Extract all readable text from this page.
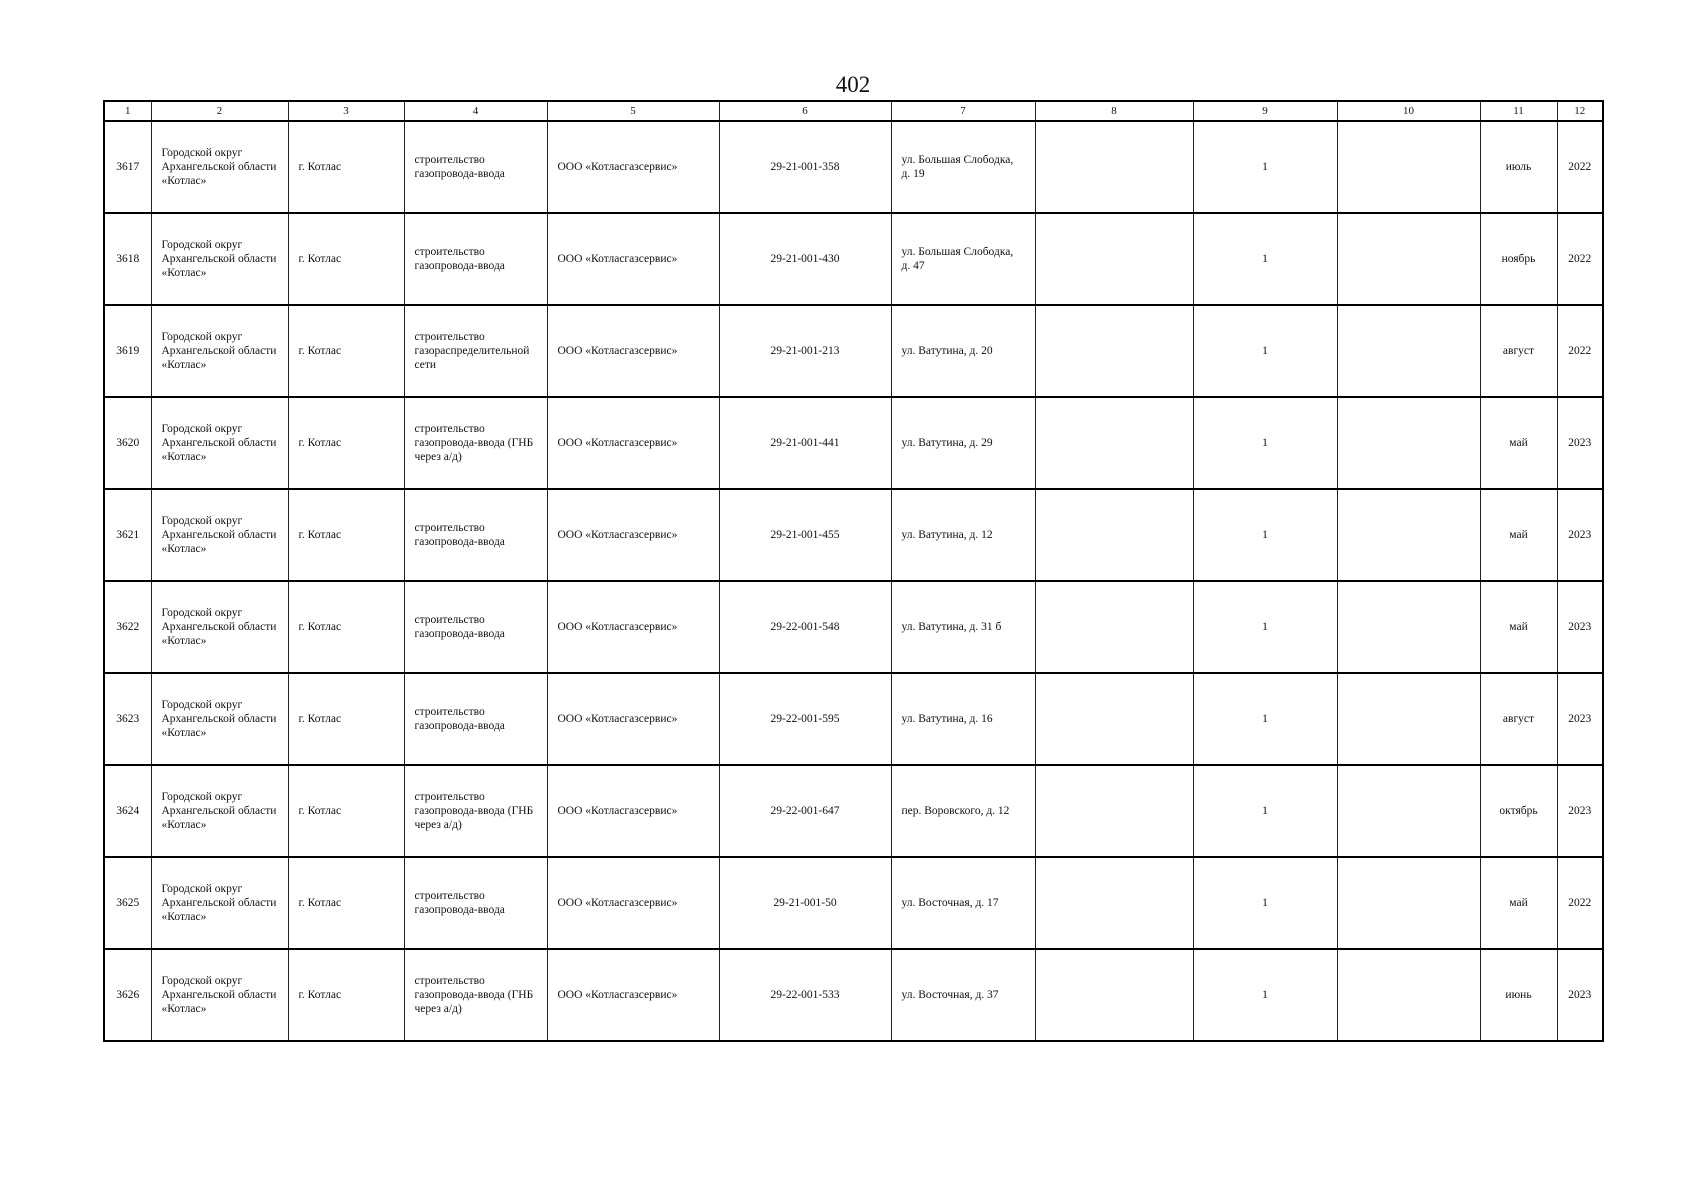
402
1	2	3	4	5	6	7	8	9	10	11	12
3617	Городской округ Архангельской области «Котлас»	г. Котлас	строительство газопровода-ввода	ООО «Котласгазсервис»	29-21-001-358	ул. Большая Слободка, д. 19		1		июль	2022
3618	Городской округ Архангельской области «Котлас»	г. Котлас	строительство газопровода-ввода	ООО «Котласгазсервис»	29-21-001-430	ул. Большая Слободка, д. 47		1		ноябрь	2022
3619	Городской округ Архангельской области «Котлас»	г. Котлас	строительство газораспределительной сети	ООО «Котласгазсервис»	29-21-001-213	ул. Ватутина, д. 20		1		август	2022
3620	Городской округ Архангельской области «Котлас»	г. Котлас	строительство газопровода-ввода (ГНБ через а/д)	ООО «Котласгазсервис»	29-21-001-441	ул. Ватутина, д. 29		1		май	2023
3621	Городской округ Архангельской области «Котлас»	г. Котлас	строительство газопровода-ввода	ООО «Котласгазсервис»	29-21-001-455	ул. Ватутина, д. 12		1		май	2023
3622	Городской округ Архангельской области «Котлас»	г. Котлас	строительство газопровода-ввода	ООО «Котласгазсервис»	29-22-001-548	ул. Ватутина, д. 31 б		1		май	2023
3623	Городской округ Архангельской области «Котлас»	г. Котлас	строительство газопровода-ввода	ООО «Котласгазсервис»	29-22-001-595	ул. Ватутина, д. 16		1		август	2023
3624	Городской округ Архангельской области «Котлас»	г. Котлас	строительство газопровода-ввода (ГНБ через а/д)	ООО «Котласгазсервис»	29-22-001-647	пер. Воровского, д. 12		1		октябрь	2023
3625	Городской округ Архангельской области «Котлас»	г. Котлас	строительство газопровода-ввода	ООО «Котласгазсервис»	29-21-001-50	ул. Восточная, д. 17		1		май	2022
3626	Городской округ Архангельской области «Котлас»	г. Котлас	строительство газопровода-ввода (ГНБ через а/д)	ООО «Котласгазсервис»	29-22-001-533	ул. Восточная, д. 37		1		июнь	2023
